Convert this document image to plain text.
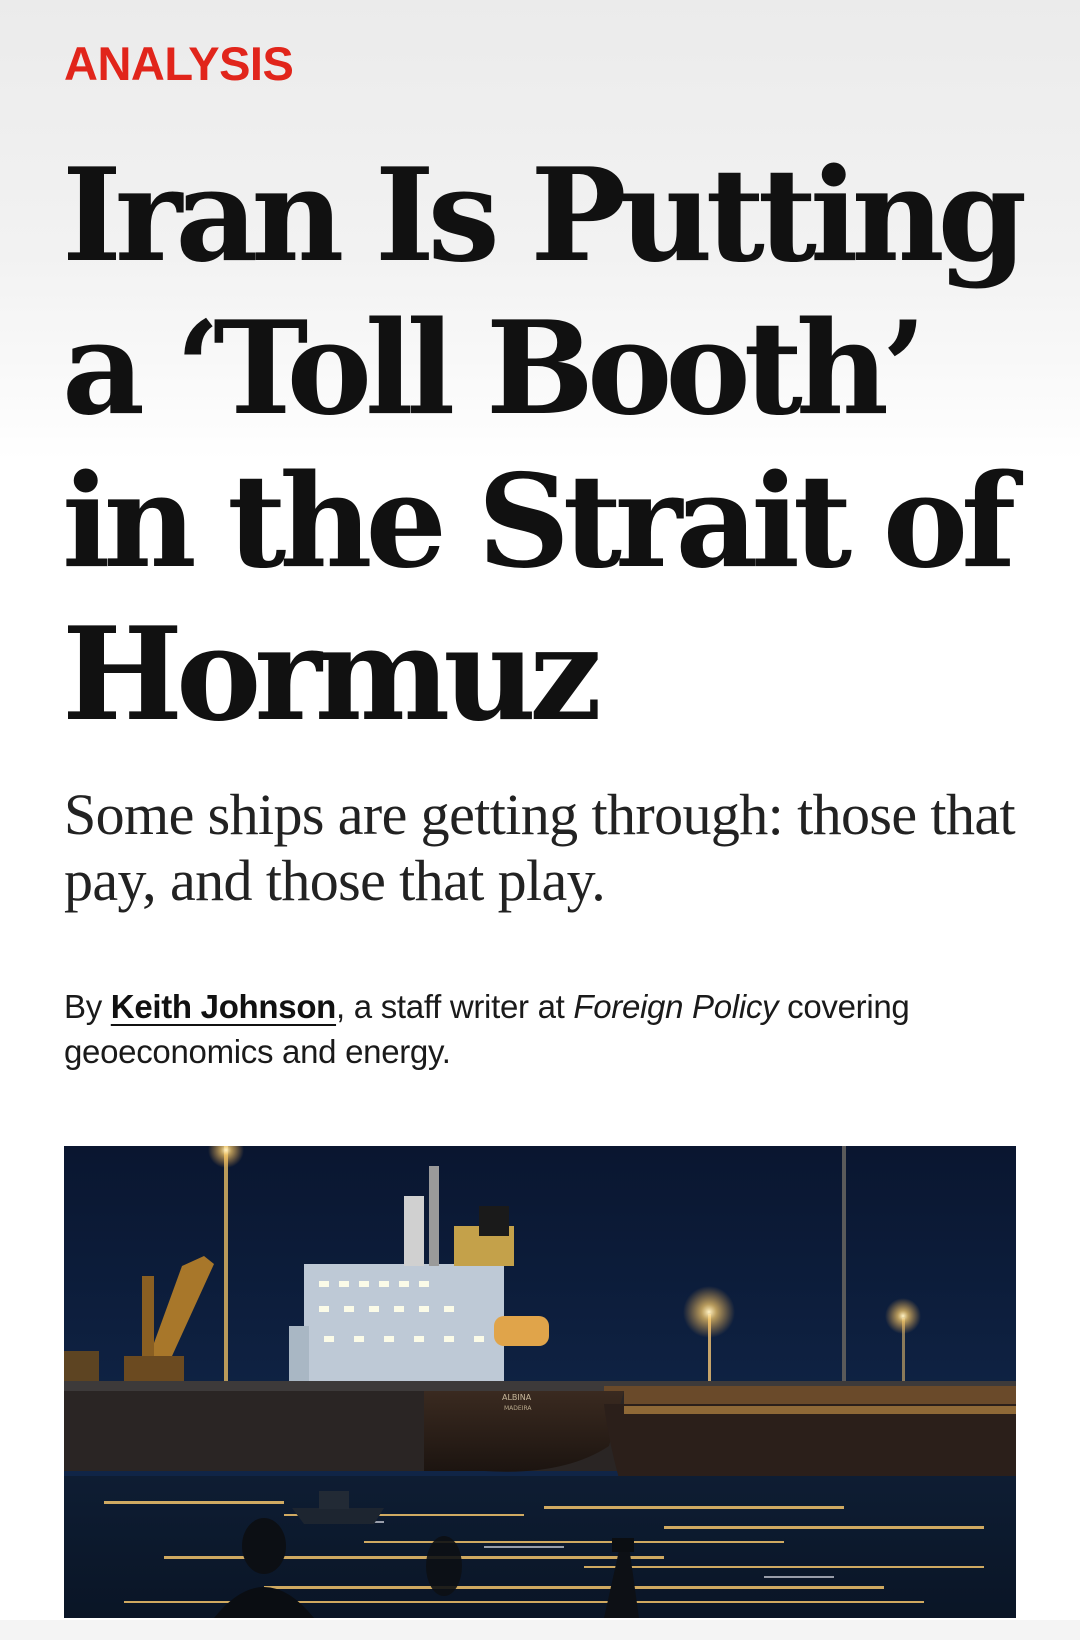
ANALYSIS
Iran Is Putting
a ‘Toll Booth’
in the Strait of
Hormuz

Some ships are getting through: those that pay, and those that play.

By Keith Johnson, a staff writer at Foreign Policy covering geoeconomics and energy.

ALBINA
MADEIRA
